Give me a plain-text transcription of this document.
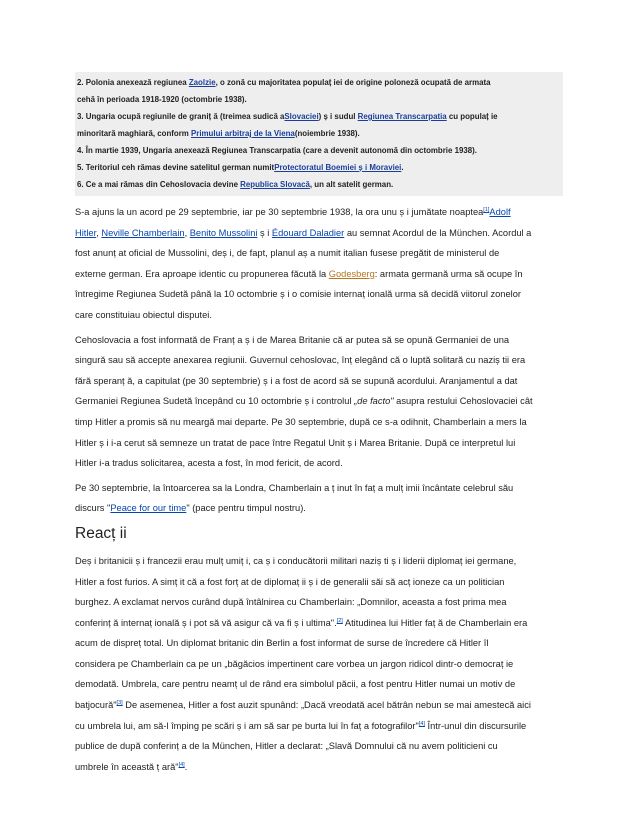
2. Polonia anexează regiunea Zaolzie, o zonă cu majoritatea populaț iei de origine poloneză ocupată de armata

cehă în perioada 1918-1920 (octombrie 1938).

3. Ungaria ocupă regiunile de graniț ă (treimea sudică aSlovaciei) ș i sudul Regiunea Transcarpatia cu populaț ie

minoritară maghiară, conform Primului arbitraj de la Viena(noiembrie 1938).

4. În martie 1939, Ungaria anexează Regiunea Transcarpatia (care a devenit autonomă din octombrie 1938).

5. Teritoriul ceh rămas devine satelitul german numitProtectoratul Boemiei ș i Moraviei.

6. Ce a mai rămas din Cehoslovacia devine Republica Slovacă, un alt satelit german.

S-a ajuns la un acord pe 29 septembrie, iar pe 30 septembrie 1938, la ora unu ș i jumătate noaptea[1]Adolf
Hitler, Neville Chamberlain, Benito Mussolini ș i Édouard Daladier au semnat Acordul de la München. Acordul a
fost anunț at oficial de Mussolini, deș i, de fapt, planul aș a numit italian fusese pregătit de ministerul de
externe german. Era aproape identic cu propunerea făcută la Godesberg: armata germană urma să ocupe în
întregime Regiunea Sudetă până la 10 octombrie ș i o comisie internaț ională urma să decidă viitorul zonelor
care constituiau obiectul disputei.

Cehoslovacia a fost informată de Franț a ș i de Marea Britanie că ar putea să se opună Germaniei de una
singură sau să accepte anexarea regiunii. Guvernul cehoslovac, înț elegând că o luptă solitară cu naziș tii era
fără speranț ă, a capitulat (pe 30 septembrie) ș i a fost de acord să se supună acordului. Aranjamentul a dat
Germaniei Regiunea Sudetă începând cu 10 octombrie ș i controlul „de facto" asupra restului Cehoslovaciei cât
timp Hitler a promis să nu meargă mai departe. Pe 30 septembrie, după ce s-a odihnit, Chamberlain a mers la
Hitler ș i i-a cerut să semneze un tratat de pace între Regatul Unit ș i Marea Britanie. După ce interpretul lui
Hitler i-a tradus solicitarea, acesta a fost, în mod fericit, de acord.

Pe 30 septembrie, la întoarcerea sa la Londra, Chamberlain a ț inut în faț a mulț imii încântate celebrul său
discurs "Peace for our time" (pace pentru timpul nostru).

Reacț ii

Deș i britanicii ș i francezii erau mulț umiț i, ca ș i conducătorii militari naziș ti ș i liderii diplomaț iei germane,
Hitler a fost furios. A simț it că a fost forț at de diplomaț ii ș i de generalii săi să acț ioneze ca un politician
burghez. A exclamat nervos curând după întâlnirea cu Chamberlain: „Domnilor, aceasta a fost prima mea
conferinț ă internaț ională ș i pot să vă asigur că va fi ș i ultima".[2] Atitudinea lui Hitler faț ă de Chamberlain era
acum de dispreț total. Un diplomat britanic din Berlin a fost informat de surse de încredere că Hitler îl
considera pe Chamberlain ca pe un „băgăcios impertinent care vorbea un jargon ridicol dintr-o democraț ie
demodată. Umbrela, care pentru neamț ul de rând era simbolul păcii, a fost pentru Hitler numai un motiv de
batjocură"[3] De asemenea, Hitler a fost auzit spunând: „Dacă vreodată acel bătrân nebun se mai amestecă aici
cu umbrela lui, am să-l împing pe scări ș i am să sar pe burta lui în faț a fotografilor"[4] Într-unul din discursurile
publice de după conferinț a de la München, Hitler a declarat: „Slavă Domnului că nu avem politicieni cu
umbrele în această ț ară"[4].
